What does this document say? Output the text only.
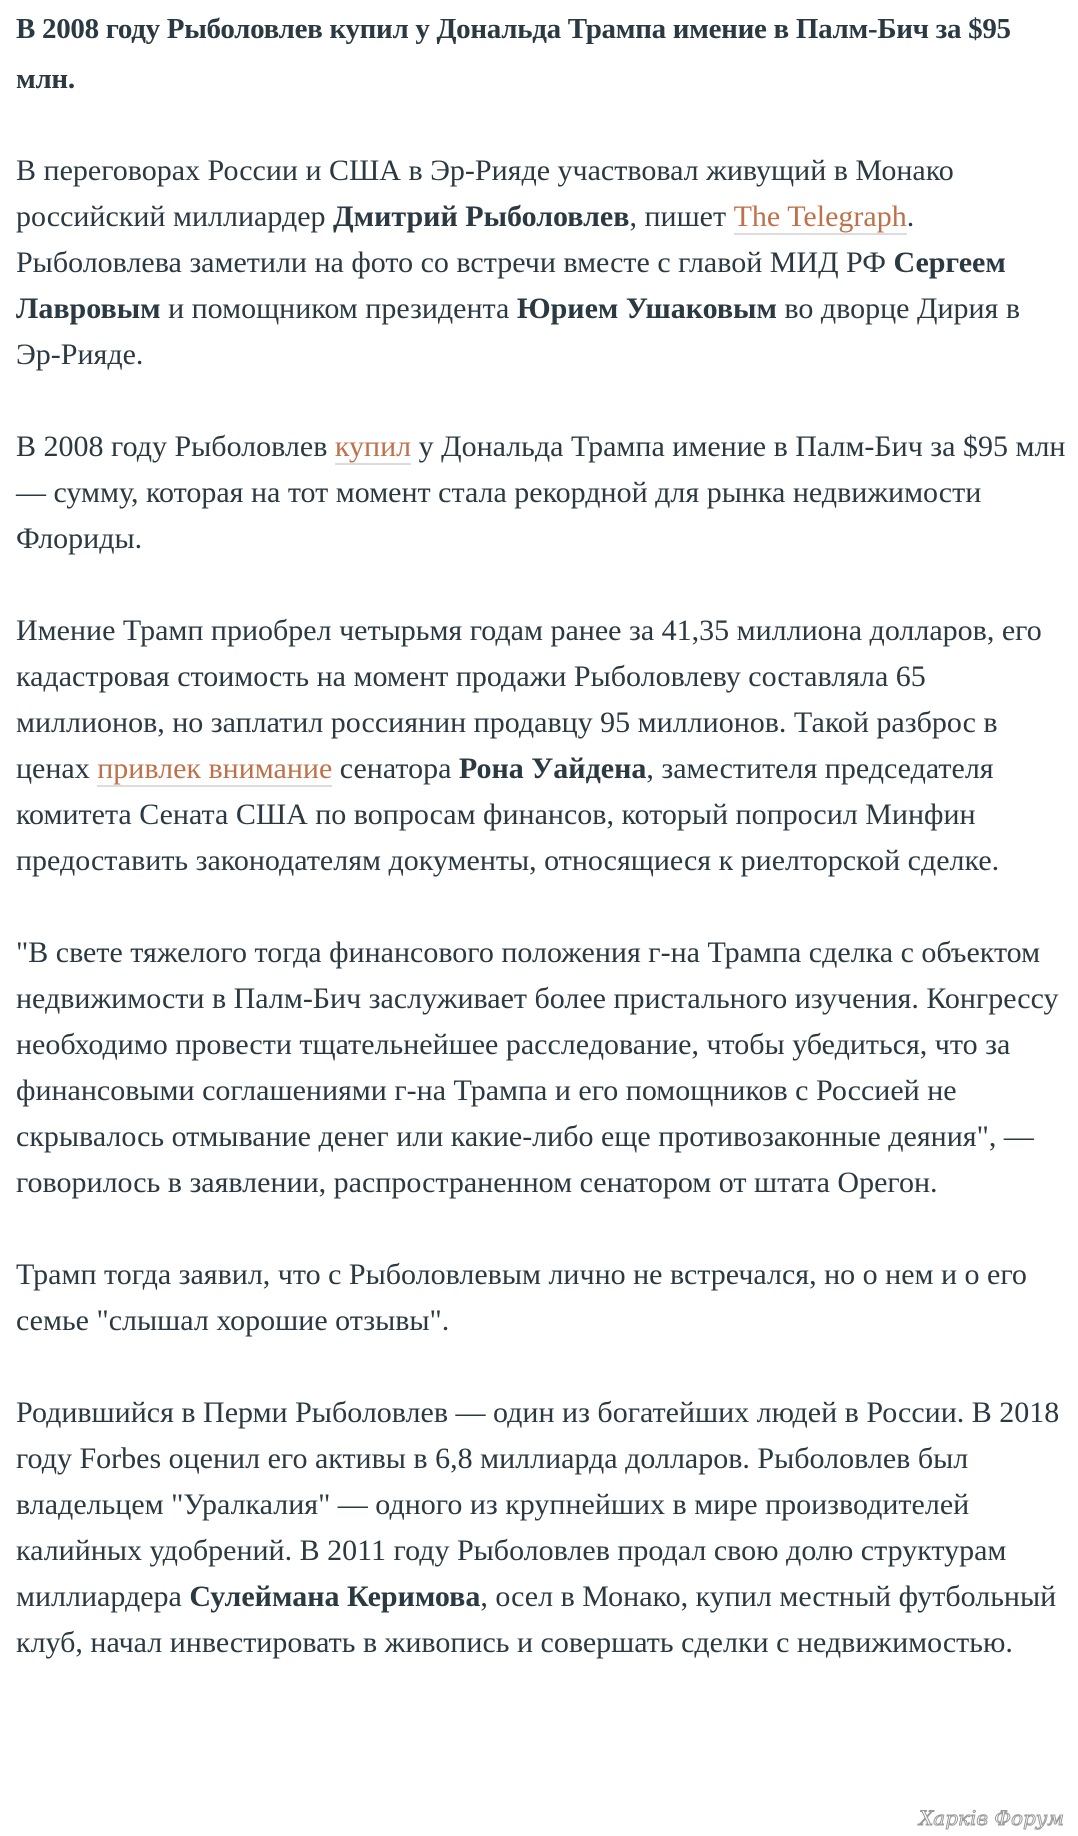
В 2008 году Рыболовлев купил у Дональда Трампа имение в Палм-Бич за $95 млн.

В переговорах России и США в Эр-Рияде участвовал живущий в Монако российский миллиардер Дмитрий Рыболовлев, пишет The Telegraph. Рыболовлева заметили на фото со встречи вместе с главой МИД РФ Сергеем Лавровым и помощником президента Юрием Ушаковым во дворце Дирия в Эр-Рияде.

В 2008 году Рыболовлев купил у Дональда Трампа имение в Палм-Бич за $95 млн — сумму, которая на тот момент стала рекордной для рынка недвижимости Флориды.

Имение Трамп приобрел четырьмя годам ранее за 41,35 миллиона долларов, его кадастровая стоимость на момент продажи Рыболовлеву составляла 65 миллионов, но заплатил россиянин продавцу 95 миллионов. Такой разброс в ценах привлек внимание сенатора Рона Уайдена, заместителя председателя комитета Сената США по вопросам финансов, который попросил Минфин предоставить законодателям документы, относящиеся к риелторской сделке.

"В свете тяжелого тогда финансового положения г-на Трампа сделка с объектом недвижимости в Палм-Бич заслуживает более пристального изучения. Конгрессу необходимо провести тщательнейшее расследование, чтобы убедиться, что за финансовыми соглашениями г-на Трампа и его помощников с Россией не скрывалось отмывание денег или какие-либо еще противозаконные деяния", — говорилось в заявлении, распространенном сенатором от штата Орегон.

Трамп тогда заявил, что с Рыболовлевым лично не встречался, но о нем и о его семье "слышал хорошие отзывы".

Родившийся в Перми Рыболовлев — один из богатейших людей в России. В 2018 году Forbes оценил его активы в 6,8 миллиарда долларов. Рыболовлев был владельцем "Уралкалия" — одного из крупнейших в мире производителей калийных удобрений. В 2011 году Рыболовлев продал свою долю структурам миллиардера Сулеймана Керимова, осел в Монако, купил местный футбольный клуб, начал инвестировать в живопись и совершать сделки с недвижимостью.

Харків Форум
